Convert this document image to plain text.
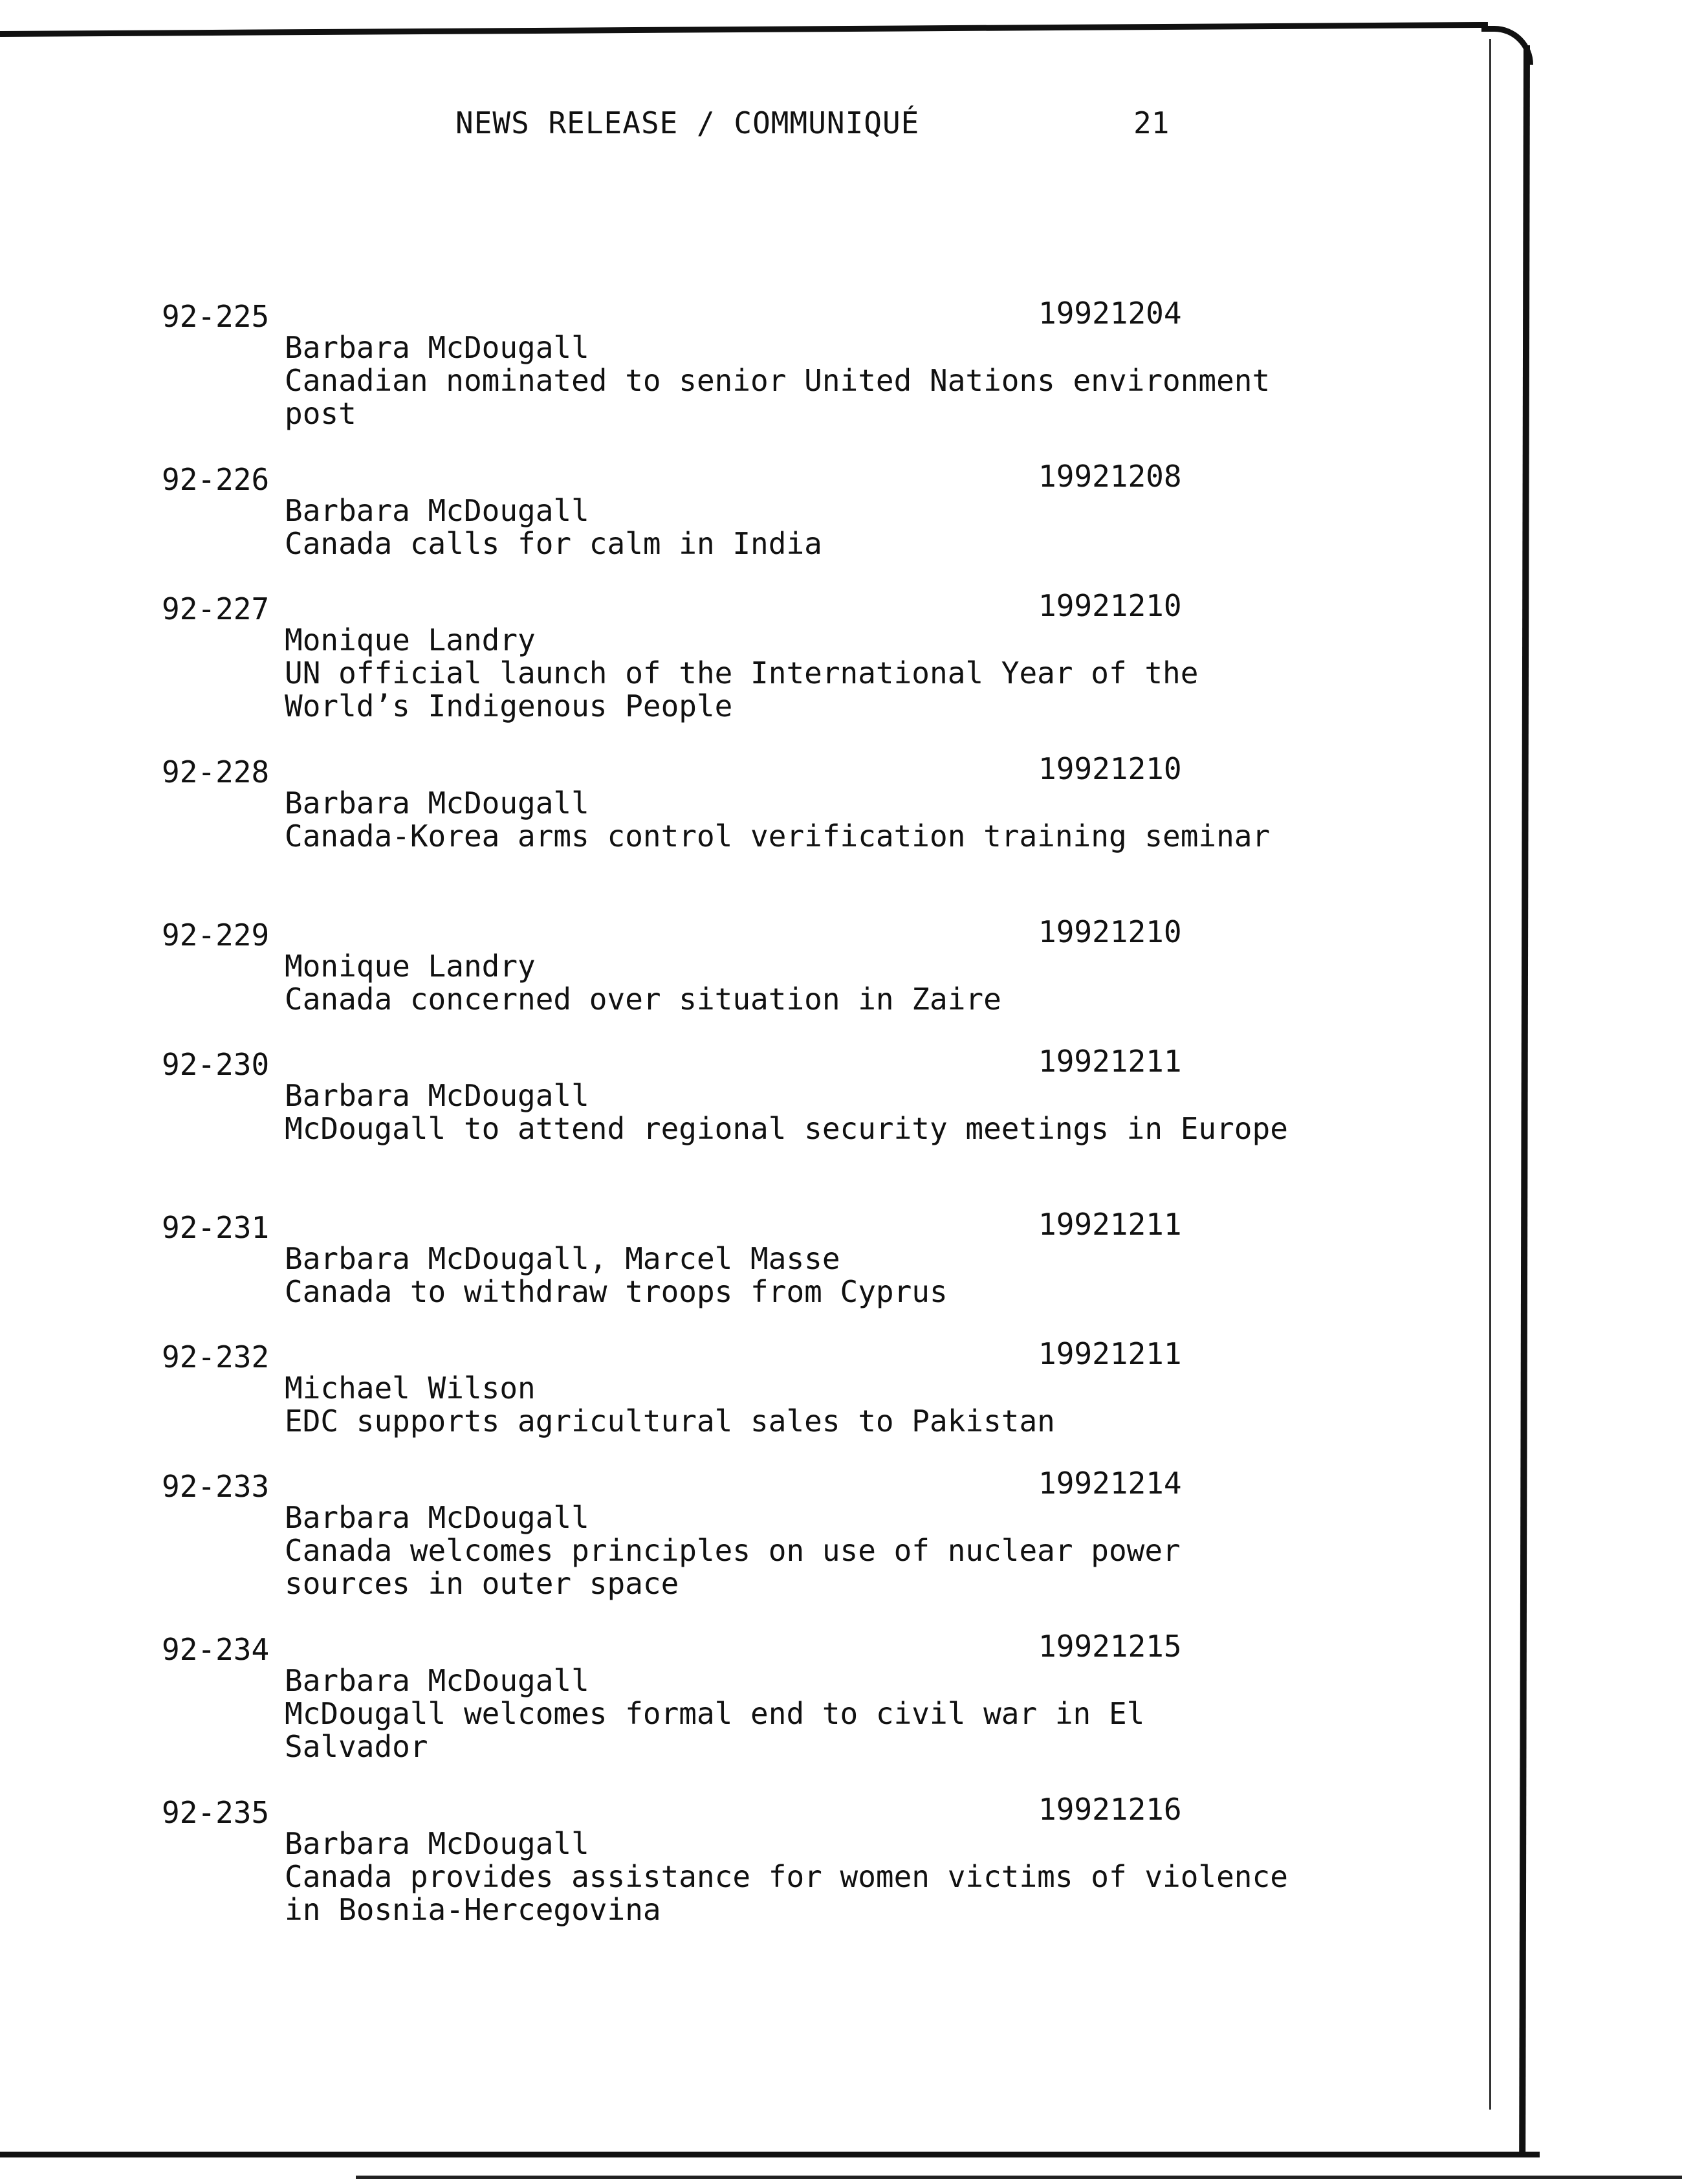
NEWS RELEASE / COMMUNIQUÉ	21
92-225	19921204
Barbara McDougall
Canadian nominated to senior United Nations environment post
92-226	19921208
Barbara McDougall
Canada calls for calm in India
92-227	19921210
Monique Landry
UN official launch of the International Year of the World’s Indigenous People
92-228	19921210
Barbara McDougall
Canada-Korea arms control verification training seminar
92-229	19921210
Monique Landry
Canada concerned over situation in Zaire
92-230	19921211
Barbara McDougall
McDougall to attend regional security meetings in Europe
92-231	19921211
Barbara McDougall, Marcel Masse
Canada to withdraw troops from Cyprus
92-232	19921211
Michael Wilson
EDC supports agricultural sales to Pakistan
92-233	19921214
Barbara McDougall
Canada welcomes principles on use of nuclear power sources in outer space
92-234	19921215
Barbara McDougall
McDougall welcomes formal end to civil war in El Salvador
92-235	19921216
Barbara McDougall
Canada provides assistance for women victims of violence in Bosnia-Hercegovina
